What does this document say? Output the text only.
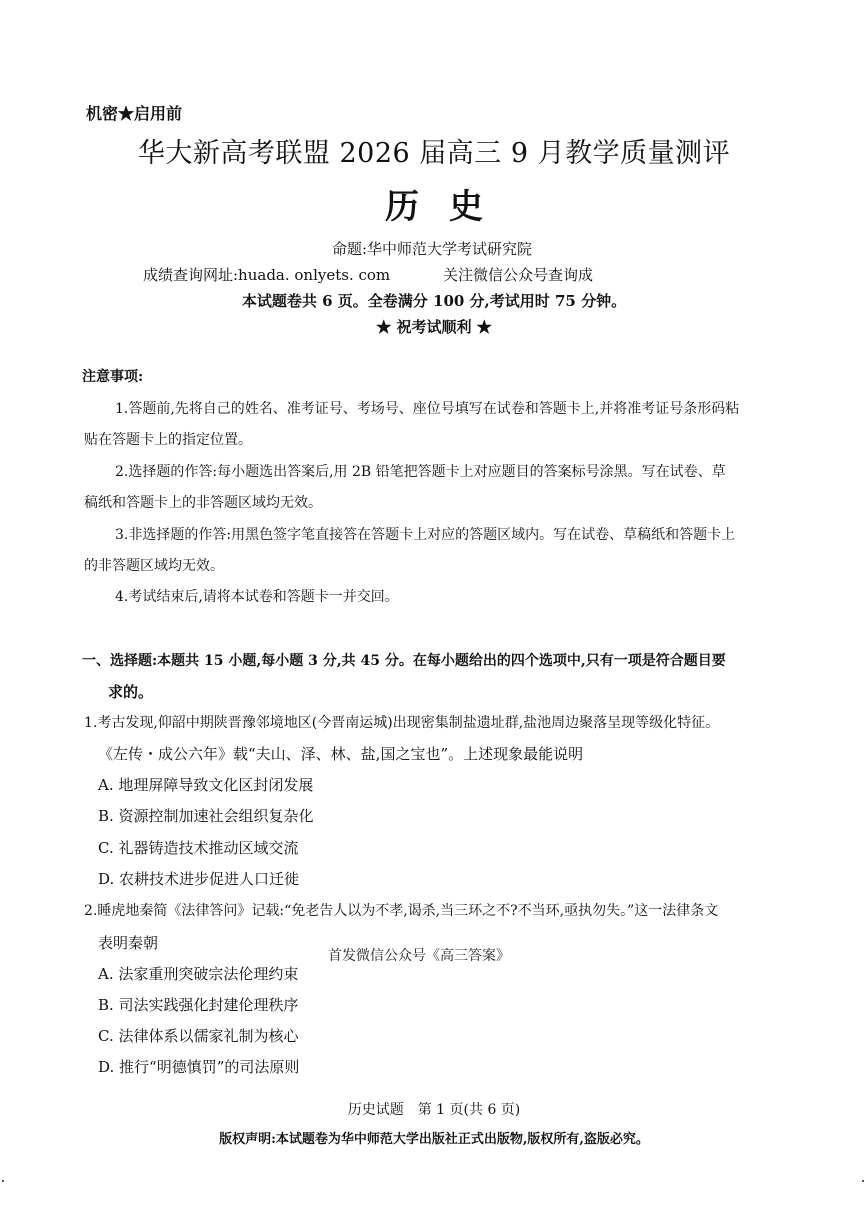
机密★启用前
华大新高考联盟 2026 届高三 9 月教学质量测评
历史
命题:华中师范大学考试研究院
成绩查询网址:huada. onlyets. com	关注微信公众号查询成
本试题卷共 6 页。全卷满分 100 分,考试用时 75 分钟。
★ 祝考试顺利 ★
注意事项:
1.答题前,先将自己的姓名、准考证号、考场号、座位号填写在试卷和答题卡上,并将准考证号条形码粘
贴在答题卡上的指定位置。
2.选择题的作答:每小题选出答案后,用 2B 铅笔把答题卡上对应题目的答案标号涂黑。写在试卷、草
稿纸和答题卡上的非答题区域均无效。
3.非选择题的作答:用黑色签字笔直接答在答题卡上对应的答题区域内。写在试卷、草稿纸和答题卡上
的非答题区域均无效。
4.考试结束后,请将本试卷和答题卡一并交回。
一、选择题:本题共 15 小题,每小题 3 分,共 45 分。在每小题给出的四个选项中,只有一项是符合题目要
求的。
1.考古发现,仰韶中期陕晋豫邻境地区(今晋南运城)出现密集制盐遗址群,盐池周边聚落呈现等级化特征。
《左传・成公六年》载“夫山、泽、林、盐,国之宝也”。上述现象最能说明
A. 地理屏障导致文化区封闭发展
B. 资源控制加速社会组织复杂化
C. 礼器铸造技术推动区域交流
D. 农耕技术进步促进人口迁徙
2.睡虎地秦简《法律答问》记载:“免老告人以为不孝,谒杀,当三环之不?不当环,亟执勿失。”这一法律条文
表明秦朝
首发微信公众号《高三答案》
A. 法家重刑突破宗法伦理约束
B. 司法实践强化封建伦理秩序
C. 法律体系以儒家礼制为核心
D. 推行“明德慎罚”的司法原则
历史试题　第 1 页(共 6 页)
版权声明:本试题卷为华中师范大学出版社正式出版物,版权所有,盗版必究。
